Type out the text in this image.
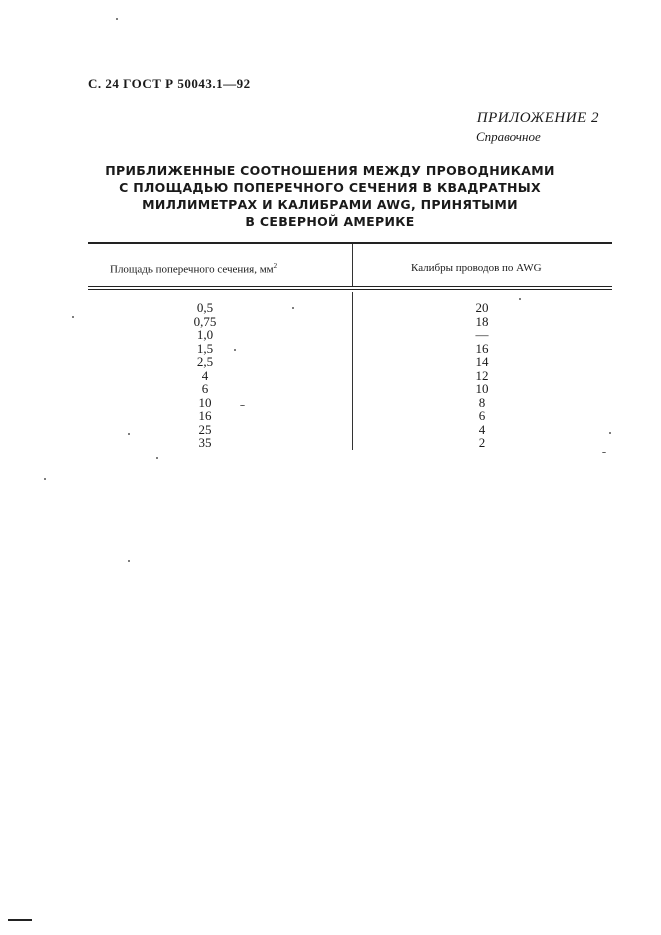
С. 24 ГОСТ Р 50043.1—92
ПРИЛОЖЕНИЕ 2
Справочное
ПРИБЛИЖЕННЫЕ СООТНОШЕНИЯ МЕЖДУ ПРОВОДНИКАМИ
С ПЛОЩАДЬЮ ПОПЕРЕЧНОГО СЕЧЕНИЯ В КВАДРАТНЫХ
МИЛЛИМЕТРАХ И КАЛИБРАМИ AWG, ПРИНЯТЫМИ
В СЕВЕРНОЙ АМЕРИКЕ
Площадь поперечного сечения, $мм^2$	Калибры проводов по AWG
0,5
0,75
1,0
1,5
2,5
4
6
10
16
25
35
20
18
—
16
14
12
10
8
6
4
2
